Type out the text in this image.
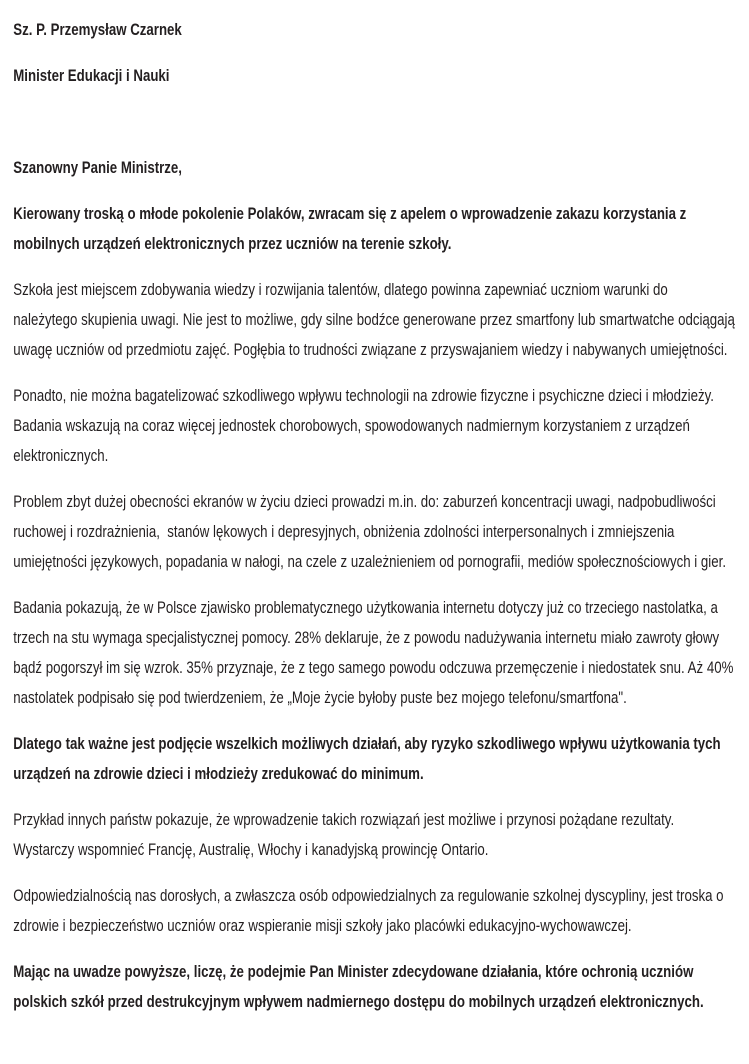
Sz. P. Przemysław Czarnek

Minister Edukacji i Nauki

Szanowny Panie Ministrze,

Kierowany troską o młode pokolenie Polaków, zwracam się z apelem o wprowadzenie zakazu korzystania z mobilnych urządzeń elektronicznych przez uczniów na terenie szkoły.

Szkoła jest miejscem zdobywania wiedzy i rozwijania talentów, dlatego powinna zapewniać uczniom warunki do należytego skupienia uwagi. Nie jest to możliwe, gdy silne bodźce generowane przez smartfony lub smartwatche odciągają uwagę uczniów od przedmiotu zajęć. Pogłębia to trudności związane z przyswajaniem wiedzy i nabywanych umiejętności.

Ponadto, nie można bagatelizować szkodliwego wpływu technologii na zdrowie fizyczne i psychiczne dzieci i młodzieży. Badania wskazują na coraz więcej jednostek chorobowych, spowodowanych nadmiernym korzystaniem z urządzeń elektronicznych.

Problem zbyt dużej obecności ekranów w życiu dzieci prowadzi m.in. do: zaburzeń koncentracji uwagi, nadpobudliwości ruchowej i rozdrażnienia,  stanów lękowych i depresyjnych, obniżenia zdolności interpersonalnych i zmniejszenia umiejętności językowych, popadania w nałogi, na czele z uzależnieniem od pornografii, mediów społecznościowych i gier.

Badania pokazują, że w Polsce zjawisko problematycznego użytkowania internetu dotyczy już co trzeciego nastolatka, a trzech na stu wymaga specjalistycznej pomocy. 28% deklaruje, że z powodu nadużywania internetu miało zawroty głowy bądź pogorszył im się wzrok. 35% przyznaje, że z tego samego powodu odczuwa przemęczenie i niedostatek snu. Aż 40% nastolatek podpisało się pod twierdzeniem, że „Moje życie byłoby puste bez mojego telefonu/smartfona".

Dlatego tak ważne jest podjęcie wszelkich możliwych działań, aby ryzyko szkodliwego wpływu użytkowania tych urządzeń na zdrowie dzieci i młodzieży zredukować do minimum.

Przykład innych państw pokazuje, że wprowadzenie takich rozwiązań jest możliwe i przynosi pożądane rezultaty. Wystarczy wspomnieć Francję, Australię, Włochy i kanadyjską prowincję Ontario.

Odpowiedzialnością nas dorosłych, a zwłaszcza osób odpowiedzialnych za regulowanie szkolnej dyscypliny, jest troska o zdrowie i bezpieczeństwo uczniów oraz wspieranie misji szkoły jako placówki edukacyjno-wychowawczej.

Mając na uwadze powyższe, liczę, że podejmie Pan Minister zdecydowane działania, które ochronią uczniów polskich szkół przed destrukcyjnym wpływem nadmiernego dostępu do mobilnych urządzeń elektronicznych.
